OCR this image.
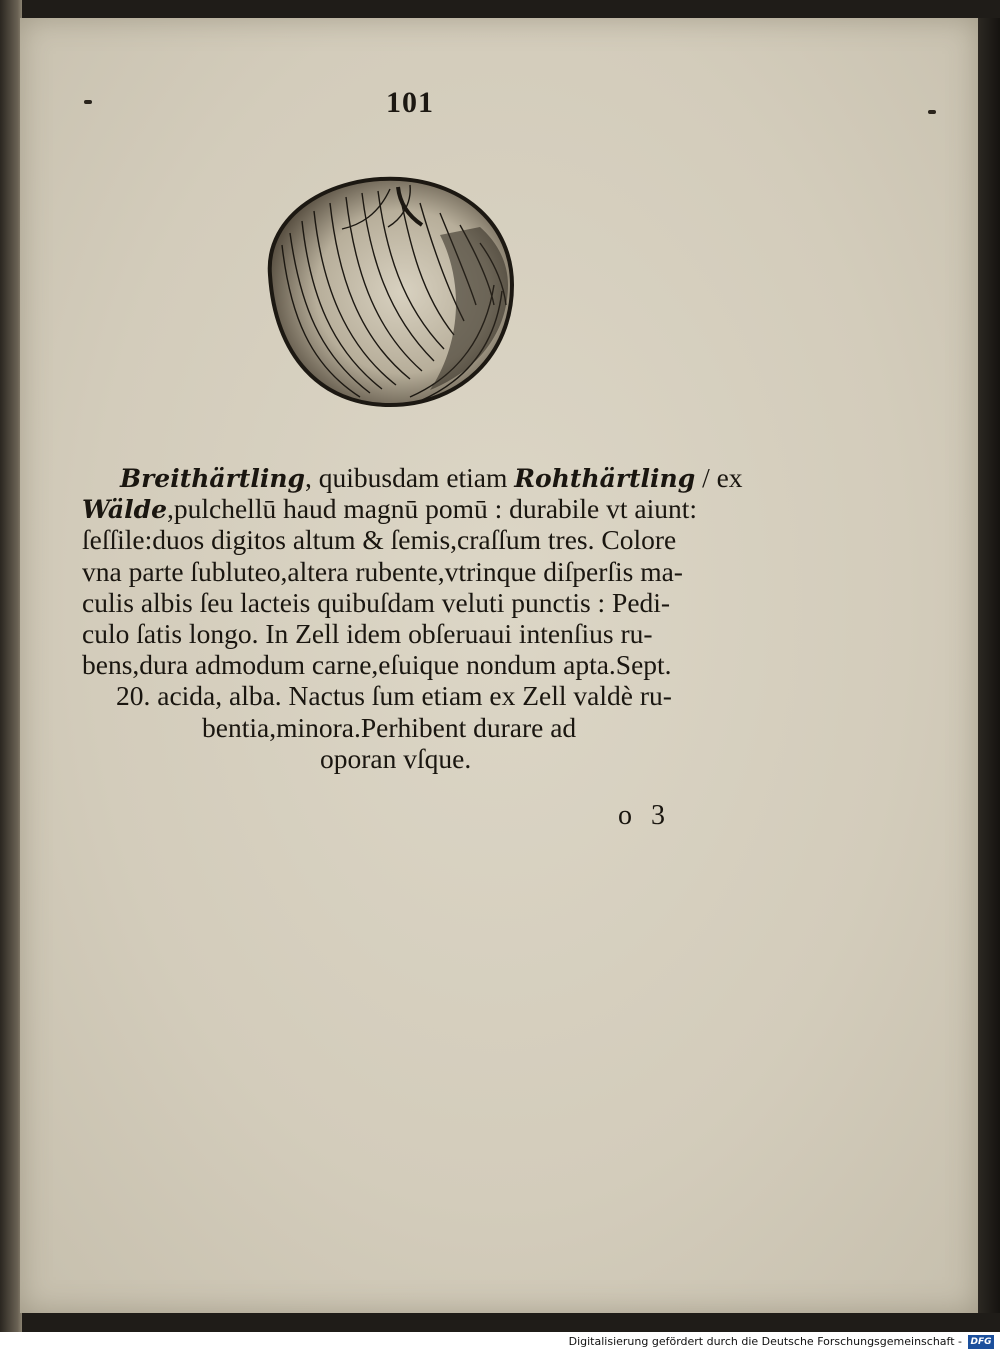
101
Breithärtling, quibusdam etiam Rohthärtling / ex
Wälde,pulchellū haud magnū pomū : durabile vt aiunt:
ſeſſile:duos digitos altum & ſemis,craſſum tres. Colore
vna parte ſubluteo,altera rubente,vtrinque diſperſis ma-
culis albis ſeu lacteis quibuſdam veluti punctis : Pedi-
culo ſatis longo. In Zell idem obſeruaui intenſius ru-
bens,dura admodum carne,eſuique nondum apta.Sept.
20. acida, alba. Nactus ſum etiam ex Zell valdè ru-
bentia,minora.Perhibent durare ad
oporan vſque.
o 3
Digitalisierung gefördert durch die Deutsche Forschungsgemeinschaft - DFG
